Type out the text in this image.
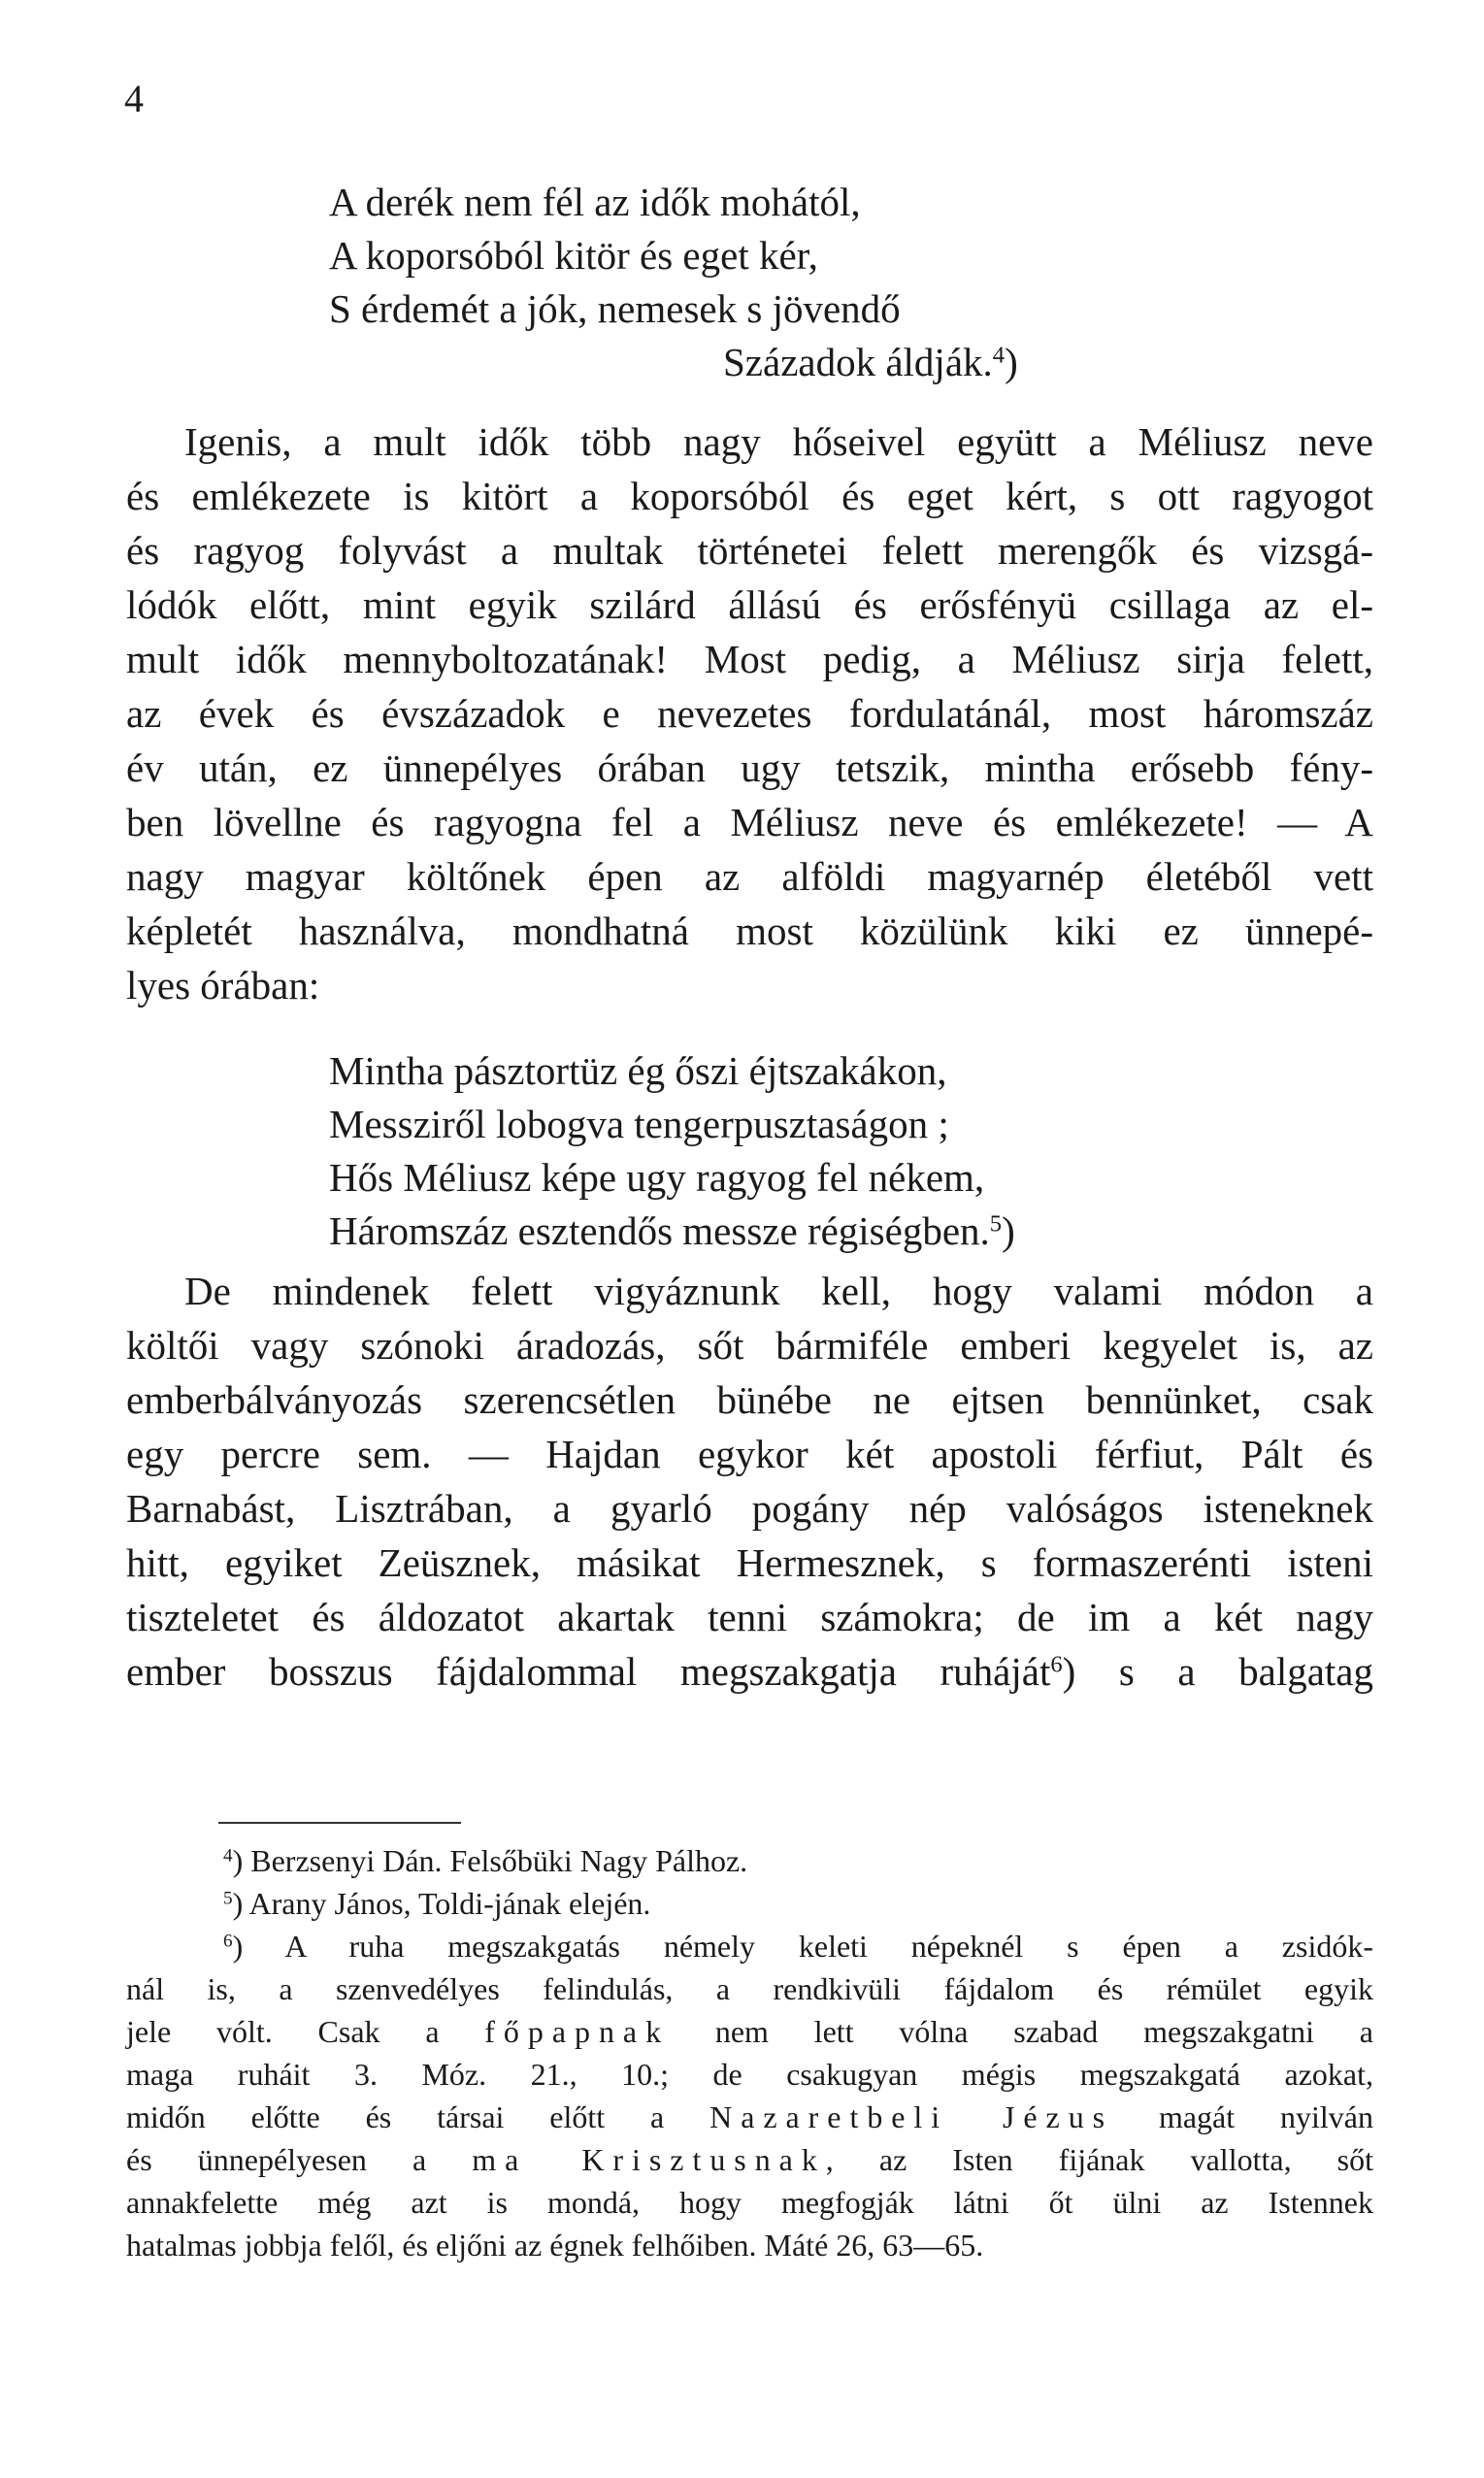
4
A derék nem fél az idők mohától,
A koporsóból kitör és eget kér,
S érdemét a jók, nemesek s jövendő
Századok áldják.$^4$)
Igenis, a mult idők több nagy hőseivel együtt a Méliusz neve
és emlékezete is kitört a koporsóból és eget kért, s ott ragyogot
és ragyog folyvást a multak történetei felett merengők és vizsgá-
lódók előtt, mint egyik szilárd állású és erősfényü csillaga az el-
mult idők mennyboltozatának! Most pedig, a Méliusz sirja felett,
az évek és évszázadok e nevezetes fordulatánál, most háromszáz
év után, ez ünnepélyes órában ugy tetszik, mintha erősebb fény-
ben lövellne és ragyogna fel a Méliusz neve és emlékezete! — A
nagy magyar költőnek épen az alföldi magyarnép életéből vett
képletét használva, mondhatná most közülünk kiki ez ünnepé-
lyes órában:
Mintha pásztortüz ég őszi éjtszakákon,
Messziről lobogva tengerpusztaságon ;
Hős Méliusz képe ugy ragyog fel nékem,
Háromszáz esztendős messze régiségben.$^5$)
De mindenek felett vigyáznunk kell, hogy valami módon a
költői vagy szónoki áradozás, sőt bármiféle emberi kegyelet is, az
emberbálványozás szerencsétlen bünébe ne ejtsen bennünket, csak
egy percre sem. — Hajdan egykor két apostoli férfiut, Pált és
Barnabást, Lisztrában, a gyarló pogány nép valóságos isteneknek
hitt, egyiket Zeüsznek, másikat Hermesznek, s formaszerénti isteni
tiszteletet és áldozatot akartak tenni számokra; de im a két nagy
ember bosszus fájdalommal megszakgatja ruháját$^6$) s a balgatag
$^4$) Berzsenyi Dán. Felsőbüki Nagy Pálhoz.
$^5$) Arany János, Toldi-jának elején.
$^6$) A ruha megszakgatás némely keleti népeknél s épen a zsidók-
nál is, a szenvedélyes felindulás, a rendkivüli fájdalom és rémület egyik
jele vólt. Csak a főpapnak nem lett vólna szabad megszakgatni a
maga ruháit 3. Móz. 21., 10.; de csakugyan mégis megszakgatá azokat,
midőn előtte és társai előtt a Nazaretbeli Jézus magát nyilván
és ünnepélyesen a ma Krisztusnak, az Isten fijának vallotta, sőt
annakfelette még azt is mondá, hogy megfogják látni őt ülni az Istennek
hatalmas jobbja felől, és eljőni az égnek felhőiben. Máté 26, 63—65.
